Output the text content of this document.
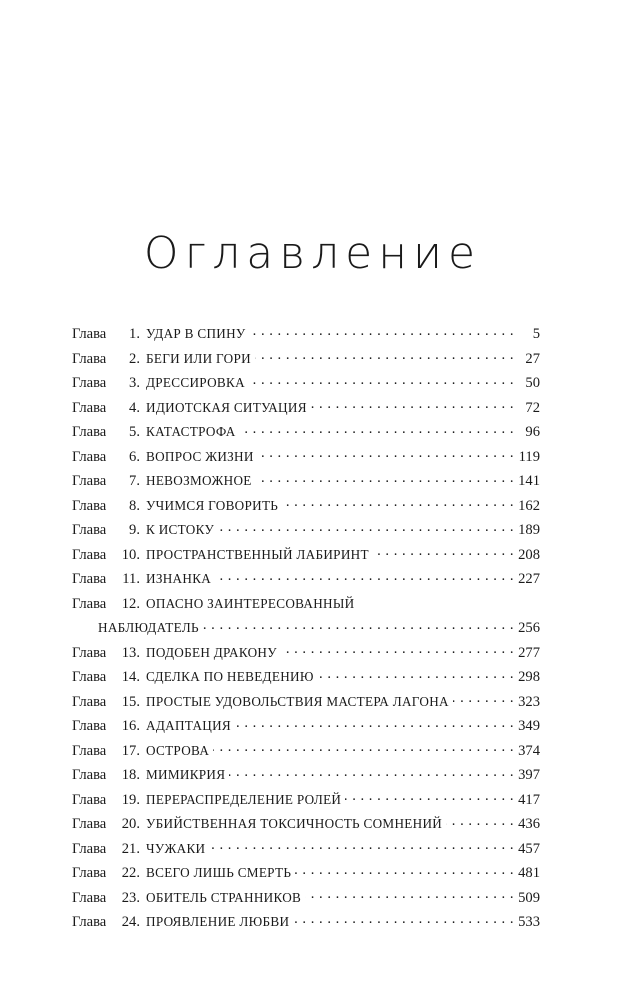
Оглавление
Глава	1 . УДАР В СПИНУ . . .	5
Глава	2 . БЕГИ ИЛИ ГОРИ . . .	27
Глава	3 . ДРЕССИРОВКА . . .	50
Глава	4 . ИДИОТСКАЯ СИТУАЦИЯ . . .	72
Глава	5 . КАТАСТРОФА . . .	96
Глава	6 . ВОПРОС ЖИЗНИ . . .	119
Глава	7 . НЕВОЗМОЖНОЕ . . .	141
Глава	8 . УЧИМСЯ ГОВОРИТЬ . . .	162
Глава	9 . К ИСТОКУ . . .	189
Глава	10 . ПРОСТРАНСТВЕННЫЙ ЛАБИРИНТ . . .	208
Глава	11 . ИЗНАНКА . . .	227
Глава	12 . ОПАСНО ЗАИНТЕРЕСОВАННЫЙ
НАБЛЮДАТЕЛЬ . . .	256
Глава	13 . ПОДОБЕН ДРАКОНУ . . .	277
Глава	14 . СДЕЛКА ПО НЕВЕДЕНИЮ . . .	298
Глава	15 . ПРОСТЫЕ УДОВОЛЬСТВИЯ МАСТЕРА ЛАГОНА . . .	323
Глава	16 . АДАПТАЦИЯ . . .	349
Глава	17 . ОСТРОВА . . .	374
Глава	18 . МИМИКРИЯ . . .	397
Глава	19 . ПЕРЕРАСПРЕДЕЛЕНИЕ РОЛЕЙ . . .	417
Глава	20 . УБИЙСТВЕННАЯ ТОКСИЧНОСТЬ СОМНЕНИЙ . . .	436
Глава	21 . ЧУЖАКИ . . .	457
Глава	22 . ВСЕГО ЛИШЬ СМЕРТЬ . . .	481
Глава	23 . ОБИТЕЛЬ СТРАННИКОВ . . .	509
Глава	24 . ПРОЯВЛЕНИЕ ЛЮБВИ . . .	533
